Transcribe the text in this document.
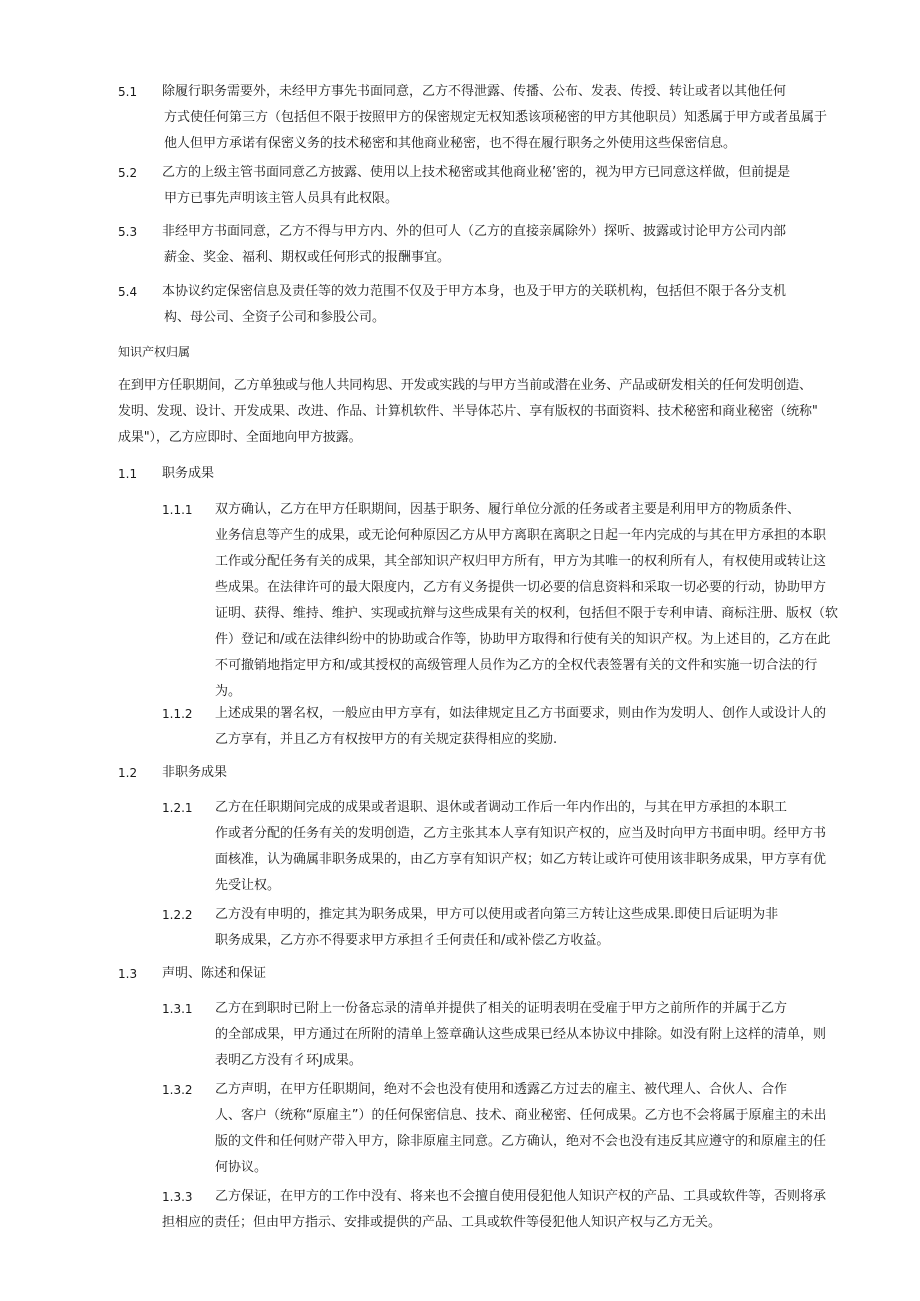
5.1 除履行职务需要外，未经甲方事先书面同意，乙方不得泄露、传播、公布、发表、传授、转让或者以其他任何
方式使任何第三方（包括但不限于按照甲方的保密规定无权知悉该项秘密的甲方其他职员）知悉属于甲方或者虽属于
他人但甲方承诺有保密义务的技术秘密和其他商业秘密，也不得在履行职务之外使用这些保密信息。
5.2 乙方的上级主管书面同意乙方披露、使用以上技术秘密或其他商业秘’密的，视为甲方已同意这样做，但前提是
甲方已事先声明该主管人员具有此权限。
5.3 非经甲方书面同意，乙方不得与甲方内、外的但可人（乙方的直接亲属除外）探听、披露或讨论甲方公司内部
薪金、奖金、福利、期权或任何形式的报酬事宜。
5.4 本协议约定保密信息及责任等的效力范围不仅及于甲方本身，也及于甲方的关联机构，包括但不限于各分支机
构、母公司、全资子公司和参股公司。
知识产权归属
在到甲方任职期间，乙方单独或与他人共同构思、开发或实践的与甲方当前或潜在业务、产品或研发相关的任何发明创造、
发明、发现、设计、开发成果、改进、作品、计算机软件、半导体芯片、享有版权的书面资料、技术秘密和商业秘密（统称"
成果"），乙方应即时、全面地向甲方披露。
1.1 职务成果
1.1.1 双方确认，乙方在甲方任职期间，因基于职务、履行单位分派的任务或者主要是利用甲方的物质条件、
业务信息等产生的成果，或无论何种原因乙方从甲方离职在离职之日起一年内完成的与其在甲方承担的本职
工作或分配任务有关的成果，其全部知识产权归甲方所有，甲方为其唯一的权利所有人，有权使用或转让这
些成果。在法律许可的最大限度内，乙方有义务提供一切必要的信息资料和采取一切必要的行动，协助甲方
证明、获得、维持、维护、实现或抗辩与这些成果有关的权利，包括但不限于专利申请、商标注册、版权（软
件）登记和/或在法律纠纷中的协助或合作等，协助甲方取得和行使有关的知识产权。为上述目的，乙方在此
不可撤销地指定甲方和/或其授权的高级管理人员作为乙方的全权代表签署有关的文件和实施一切合法的行
为。
1.1.2 上述成果的署名权，一般应由甲方享有，如法律规定且乙方书面要求，则由作为发明人、创作人或设计人的
乙方享有，并且乙方有权按甲方的有关规定获得相应的奖励.
1.2 非职务成果
1.2.1 乙方在任职期间完成的成果或者退职、退休或者调动工作后一年内作出的，与其在甲方承担的本职工
作或者分配的任务有关的发明创造，乙方主张其本人享有知识产权的，应当及时向甲方书面申明。经甲方书
面核准，认为确属非职务成果的，由乙方享有知识产权；如乙方转让或许可使用该非职务成果，甲方享有优
先受让权。
1.2.2 乙方没有申明的，推定其为职务成果，甲方可以使用或者向第三方转让这些成果.即使日后证明为非
职务成果，乙方亦不得要求甲方承担彳壬何责任和/或补偿乙方收益。
1.3 声明、陈述和保证
1.3.1 乙方在到职时已附上一份备忘录的清单并提供了相关的证明表明在受雇于甲方之前所作的并属于乙方
的全部成果，甲方通过在所附的清单上签章确认这些成果已经从本协议中排除。如没有附上这样的清单，则
表明乙方没有彳环J成果。
1.3.2 乙方声明，在甲方任职期间，绝对不会也没有使用和透露乙方过去的雇主、被代理人、合伙人、合作
人、客户（统称“原雇主”）的任何保密信息、技术、商业秘密、任何成果。乙方也不会将属于原雇主的未出
版的文件和任何财产带入甲方，除非原雇主同意。乙方确认，绝对不会也没有违反其应遵守的和原雇主的任
何协议。
1.3.3 乙方保证，在甲方的工作中没有、将来也不会擅自使用侵犯他人知识产权的产品、工具或软件等，否则将承
担相应的责任；但由甲方指示、安排或提供的产品、工具或软件等侵犯他人知识产权与乙方无关。
